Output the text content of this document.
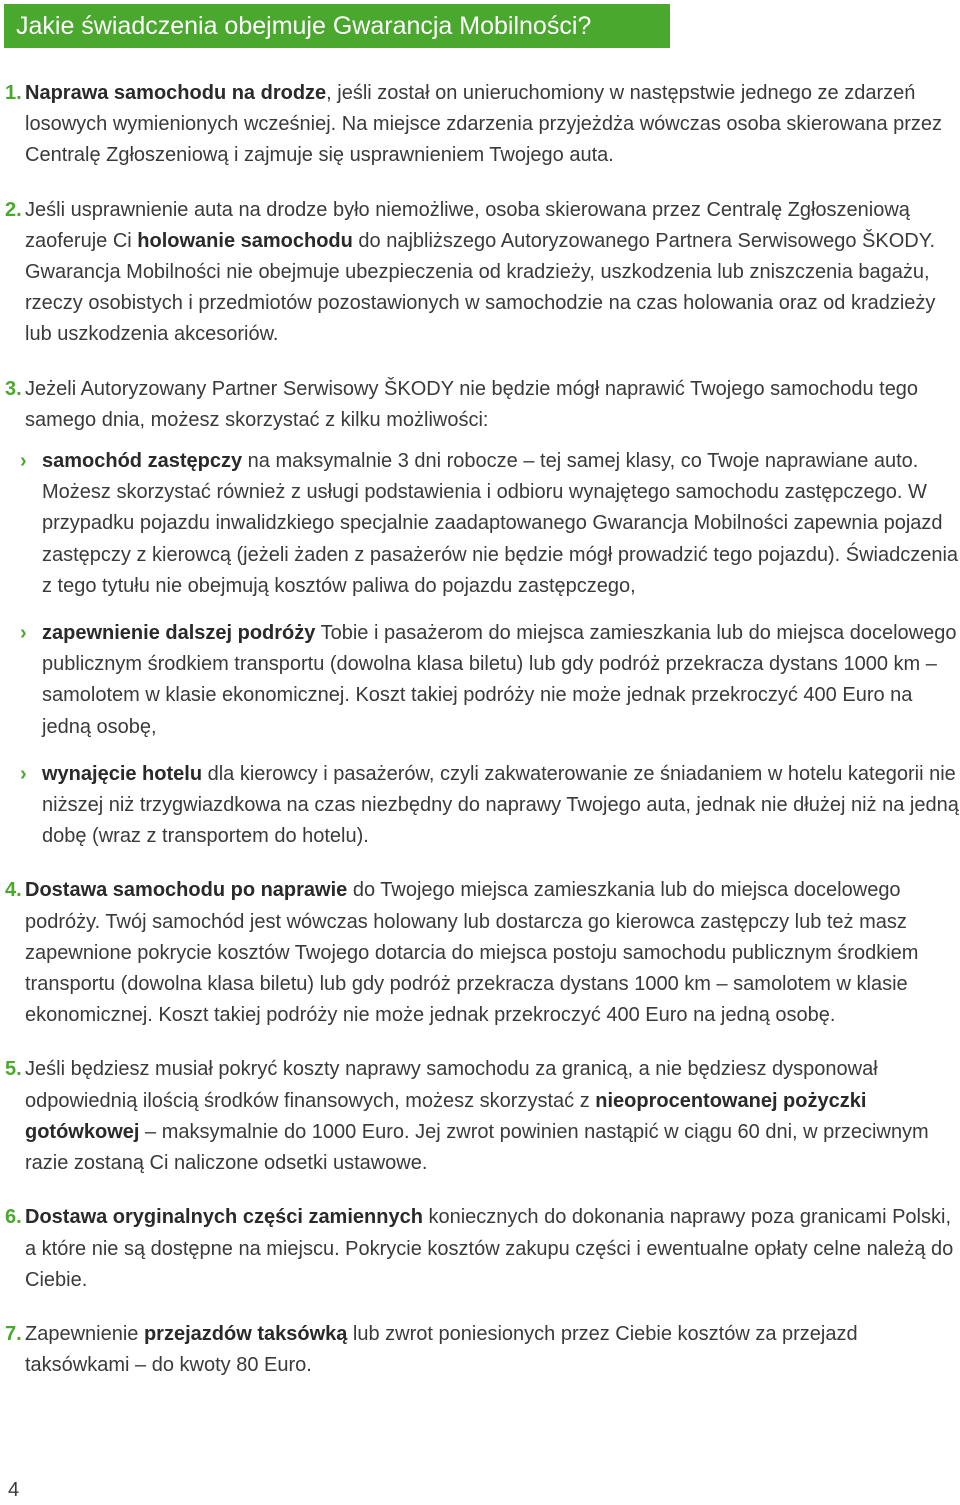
Jakie świadczenia obejmuje Gwarancja Mobilności?
1. Naprawa samochodu na drodze, jeśli został on unieruchomiony w następstwie jednego ze zdarzeń losowych wymienionych wcześniej. Na miejsce zdarzenia przyjeżdża wówczas osoba skierowana przez Centralę Zgłoszeniową i zajmuje się usprawnieniem Twojego auta.
2. Jeśli usprawnienie auta na drodze było niemożliwe, osoba skierowana przez Centralę Zgłoszeniową zaoferuje Ci holowanie samochodu do najbliższego Autoryzowanego Partnera Serwisowego ŠKODY. Gwarancja Mobilności nie obejmuje ubezpieczenia od kradzieży, uszkodzenia lub zniszczenia bagażu, rzeczy osobistych i przedmiotów pozostawionych w samochodzie na czas holowania oraz od kradzieży lub uszkodzenia akcesoriów.
3. Jeżeli Autoryzowany Partner Serwisowy ŠKODY nie będzie mógł naprawić Twojego samochodu tego samego dnia, możesz skorzystać z kilku możliwości:
› samochód zastępczy na maksymalnie 3 dni robocze – tej samej klasy, co Twoje naprawiane auto. Możesz skorzystać również z usługi podstawienia i odbioru wynajętego samochodu zastępczego. W przypadku pojazdu inwalidzkiego specjalnie zaadaptowanego Gwarancja Mobilności zapewnia pojazd zastępczy z kierowcą (jeżeli żaden z pasażerów nie będzie mógł prowadzić tego pojazdu). Świadczenia z tego tytułu nie obejmują kosztów paliwa do pojazdu zastępczego,
› zapewnienie dalszej podróży Tobie i pasażerom do miejsca zamieszkania lub do miejsca docelowego publicznym środkiem transportu (dowolna klasa biletu) lub gdy podróż przekracza dystans 1000 km – samolotem w klasie ekonomicznej. Koszt takiej podróży nie może jednak przekroczyć 400 Euro na jedną osobę,
› wynajęcie hotelu dla kierowcy i pasażerów, czyli zakwaterowanie ze śniadaniem w hotelu kategorii nie niższej niż trzygwiazdkowa na czas niezbędny do naprawy Twojego auta, jednak nie dłużej niż na jedną dobę (wraz z transportem do hotelu).
4. Dostawa samochodu po naprawie do Twojego miejsca zamieszkania lub do miejsca docelowego podróży. Twój samochód jest wówczas holowany lub dostarcza go kierowca zastępczy lub też masz zapewnione pokrycie kosztów Twojego dotarcia do miejsca postoju samochodu publicznym środkiem transportu (dowolna klasa biletu) lub gdy podróż przekracza dystans 1000 km – samolotem w klasie ekonomicznej. Koszt takiej podróży nie może jednak przekroczyć 400 Euro na jedną osobę.
5. Jeśli będziesz musiał pokryć koszty naprawy samochodu za granicą, a nie będziesz dysponował odpowiednią ilością środków finansowych, możesz skorzystać z nieoprocentowanej pożyczki gotówkowej – maksymalnie do 1000 Euro. Jej zwrot powinien nastąpić w ciągu 60 dni, w przeciwnym razie zostaną Ci naliczone odsetki ustawowe.
6. Dostawa oryginalnych części zamiennych koniecznych do dokonania naprawy poza granicami Polski, a które nie są dostępne na miejscu. Pokrycie kosztów zakupu części i ewentualne opłaty celne należą do Ciebie.
7. Zapewnienie przejazdów taksówką lub zwrot poniesionych przez Ciebie kosztów za przejazd taksówkami – do kwoty 80 Euro.
4
